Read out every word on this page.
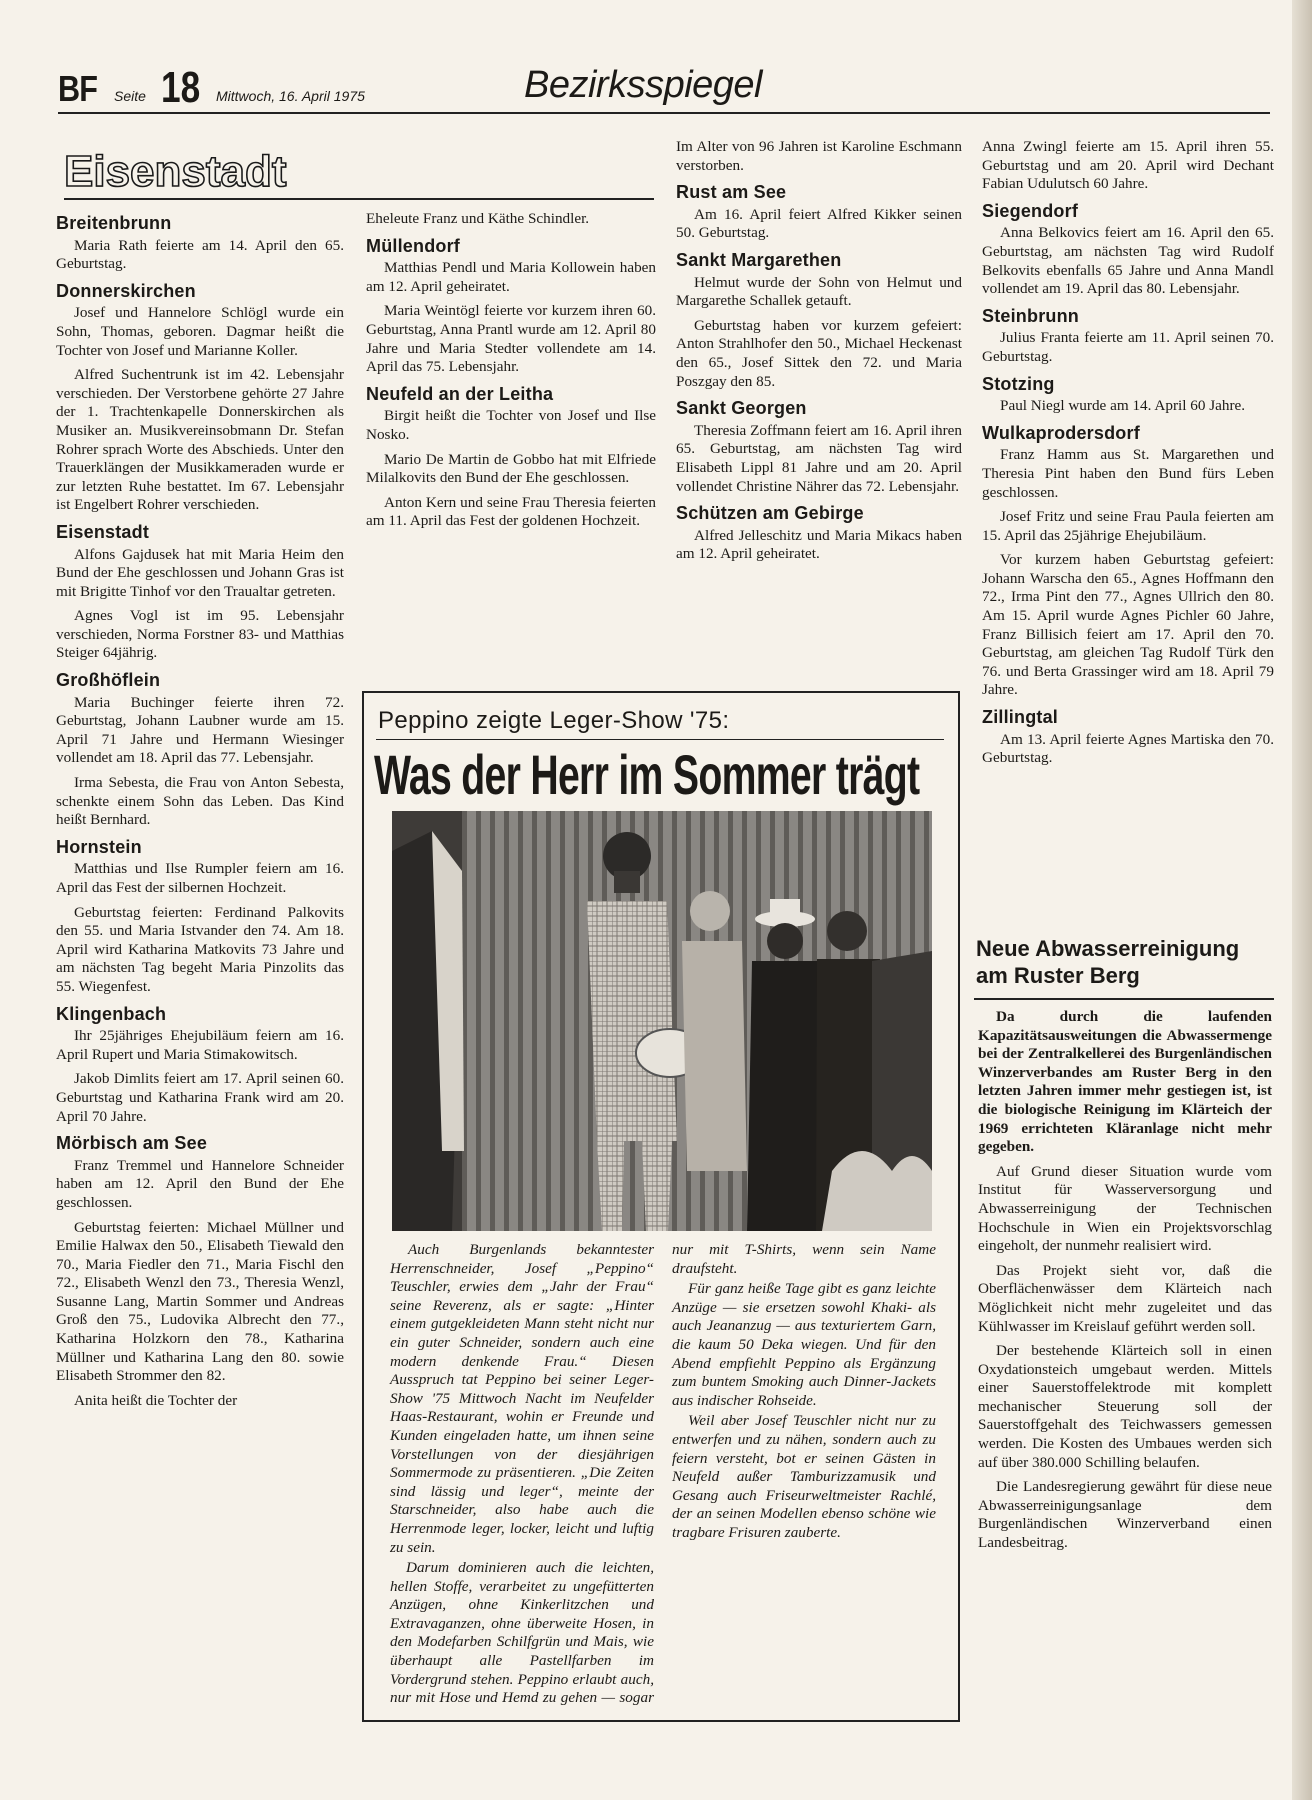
BF Seite 18 Mittwoch, 16. April 1975	Bezirksspiegel
Eisenstadt
Breitenbrunn

Maria Rath feierte am 14. April den 65. Geburtstag.

Donnerskirchen

Josef und Hannelore Schlögl wurde ein Sohn, Thomas, geboren. Dagmar heißt die Tochter von Josef und Marianne Koller.

Alfred Suchentrunk ist im 42. Lebensjahr verschieden. Der Verstorbene gehörte 27 Jahre der 1. Trachtenkapelle Donnerskirchen als Musiker an. Musikvereinsobmann Dr. Stefan Rohrer sprach Worte des Abschieds. Unter den Trauerklängen der Musikkameraden wurde er zur letzten Ruhe bestattet. Im 67. Lebensjahr ist Engelbert Rohrer verschieden.

Eisenstadt

Alfons Gajdusek hat mit Maria Heim den Bund der Ehe geschlossen und Johann Gras ist mit Brigitte Tinhof vor den Traualtar getreten.

Agnes Vogl ist im 95. Lebensjahr verschieden, Norma Forstner 83- und Matthias Steiger 64jährig.

Großhöflein

Maria Buchinger feierte ihren 72. Geburtstag, Johann Laubner wurde am 15. April 71 Jahre und Hermann Wiesinger vollendet am 18. April das 77. Lebensjahr.

Irma Sebesta, die Frau von Anton Sebesta, schenkte einem Sohn das Leben. Das Kind heißt Bernhard.

Hornstein

Matthias und Ilse Rumpler feiern am 16. April das Fest der silbernen Hochzeit.

Geburtstag feierten: Ferdinand Palkovits den 55. und Maria Istvander den 74. Am 18. April wird Katharina Matkovits 73 Jahre und am nächsten Tag begeht Maria Pinzolits das 55. Wiegenfest.

Klingenbach

Ihr 25jähriges Ehejubiläum feiern am 16. April Rupert und Maria Stimakowitsch.

Jakob Dimlits feiert am 17. April seinen 60. Geburtstag und Katharina Frank wird am 20. April 70 Jahre.

Mörbisch am See

Franz Tremmel und Hannelore Schneider haben am 12. April den Bund der Ehe geschlossen.

Geburtstag feierten: Michael Müllner und Emilie Halwax den 50., Elisabeth Tiewald den 70., Maria Fiedler den 71., Maria Fischl den 72., Elisabeth Wenzl den 73., Theresia Wenzl, Susanne Lang, Martin Sommer und Andreas Groß den 75., Ludovika Albrecht den 77., Katharina Holzkorn den 78., Katharina Müllner und Katharina Lang den 80. sowie Elisabeth Strommer den 82.

Anita heißt die Tochter der

Eheleute Franz und Käthe Schindler.

Müllendorf

Matthias Pendl und Maria Kollowein haben am 12. April geheiratet.

Maria Weintögl feierte vor kurzem ihren 60. Geburtstag, Anna Prantl wurde am 12. April 80 Jahre und Maria Stedter vollendete am 14. April das 75. Lebensjahr.

Neufeld an der Leitha

Birgit heißt die Tochter von Josef und Ilse Nosko.

Mario De Martin de Gobbo hat mit Elfriede Milalkovits den Bund der Ehe geschlossen.

Anton Kern und seine Frau Theresia feierten am 11. April das Fest der goldenen Hochzeit.

Im Alter von 96 Jahren ist Karoline Eschmann verstorben.

Rust am See

Am 16. April feiert Alfred Kikker seinen 50. Geburtstag.

Sankt Margarethen

Helmut wurde der Sohn von Helmut und Margarethe Schallek getauft.

Geburtstag haben vor kurzem gefeiert: Anton Strahlhofer den 50., Michael Heckenast den 65., Josef Sittek den 72. und Maria Poszgay den 85.

Sankt Georgen

Theresia Zoffmann feiert am 16. April ihren 65. Geburtstag, am nächsten Tag wird Elisabeth Lippl 81 Jahre und am 20. April vollendet Christine Nährer das 72. Lebensjahr.

Schützen am Gebirge

Alfred Jelleschitz und Maria Mikacs haben am 12. April geheiratet.

Anna Zwingl feierte am 15. April ihren 55. Geburtstag und am 20. April wird Dechant Fabian Udulutsch 60 Jahre.

Siegendorf

Anna Belkovics feiert am 16. April den 65. Geburtstag, am nächsten Tag wird Rudolf Belkovits ebenfalls 65 Jahre und Anna Mandl vollendet am 19. April das 80. Lebensjahr.

Steinbrunn

Julius Franta feierte am 11. April seinen 70. Geburtstag.

Stotzing

Paul Niegl wurde am 14. April 60 Jahre.

Wulkaprodersdorf

Franz Hamm aus St. Margarethen und Theresia Pint haben den Bund fürs Leben geschlossen.

Josef Fritz und seine Frau Paula feierten am 15. April das 25jährige Ehejubiläum.

Vor kurzem haben Geburtstag gefeiert: Johann Warscha den 65., Agnes Hoffmann den 72., Irma Pint den 77., Agnes Ullrich den 80. Am 15. April wurde Agnes Pichler 60 Jahre, Franz Billisich feiert am 17. April den 70. Geburtstag, am gleichen Tag Rudolf Türk den 76. und Berta Grassinger wird am 18. April 79 Jahre.

Zillingtal

Am 13. April feierte Agnes Martiska den 70. Geburtstag.

Peppino zeigte Leger-Show '75:
Was der Herr im Sommer trägt

Auch Burgenlands bekanntester Herrenschneider, Josef „Peppino“ Teuschler, erwies dem „Jahr der Frau“ seine Reverenz, als er sagte: „Hinter einem gutgekleideten Mann steht nicht nur ein guter Schneider, sondern auch eine modern denkende Frau.“ Diesen Ausspruch tat Peppino bei seiner Leger-Show '75 Mittwoch Nacht im Neufelder Haas-Restaurant, wohin er Freunde und Kunden eingeladen hatte, um ihnen seine Vorstellungen von der diesjährigen Sommermode zu präsentieren. „Die Zeiten sind lässig und leger“, meinte der Starschneider, also habe auch die Herrenmode leger, locker, leicht und luftig zu sein.

Darum dominieren auch die leichten, hellen Stoffe, verarbeitet zu ungefütterten Anzügen, ohne Kinkerlitzchen und Extravaganzen, ohne überweite Hosen, in den Modefarben Schilfgrün und Mais, wie überhaupt alle Pastellfarben im Vordergrund stehen. Peppino erlaubt auch, nur mit Hose und Hemd zu gehen — sogar nur mit T-Shirts, wenn sein Name draufsteht.

Für ganz heiße Tage gibt es ganz leichte Anzüge — sie ersetzen sowohl Khaki- als auch Jeananzug — aus texturiertem Garn, die kaum 50 Deka wiegen. Und für den Abend empfiehlt Peppino als Ergänzung zum buntem Smoking auch Dinner-Jackets aus indischer Rohseide.

Weil aber Josef Teuschler nicht nur zu entwerfen und zu nähen, sondern auch zu feiern versteht, bot er seinen Gästen in Neufeld außer Tamburizzamusik und Gesang auch Friseurweltmeister Rachlé, der an seinen Modellen ebenso schöne wie tragbare Frisuren zauberte.

Neue Abwasserreinigung am Ruster Berg

Da durch die laufenden Kapazitätsausweitungen die Abwassermenge bei der Zentralkellerei des Burgenländischen Winzerverbandes am Ruster Berg in den letzten Jahren immer mehr gestiegen ist, ist die biologische Reinigung im Klärteich der 1969 errichteten Kläranlage nicht mehr gegeben.

Auf Grund dieser Situation wurde vom Institut für Wasserversorgung und Abwasserreinigung der Technischen Hochschule in Wien ein Projektsvorschlag eingeholt, der nunmehr realisiert wird.

Das Projekt sieht vor, daß die Oberflächenwässer dem Klärteich nach Möglichkeit nicht mehr zugeleitet und das Kühlwasser im Kreislauf geführt werden soll.

Der bestehende Klärteich soll in einen Oxydationsteich umgebaut werden. Mittels einer Sauerstoffelektrode mit komplett mechanischer Steuerung soll der Sauerstoffgehalt des Teichwassers gemessen werden. Die Kosten des Umbaues werden sich auf über 380.000 Schilling belaufen.

Die Landesregierung gewährt für diese neue Abwasserreinigungsanlage dem Burgenländischen Winzerverband einen Landesbeitrag.
